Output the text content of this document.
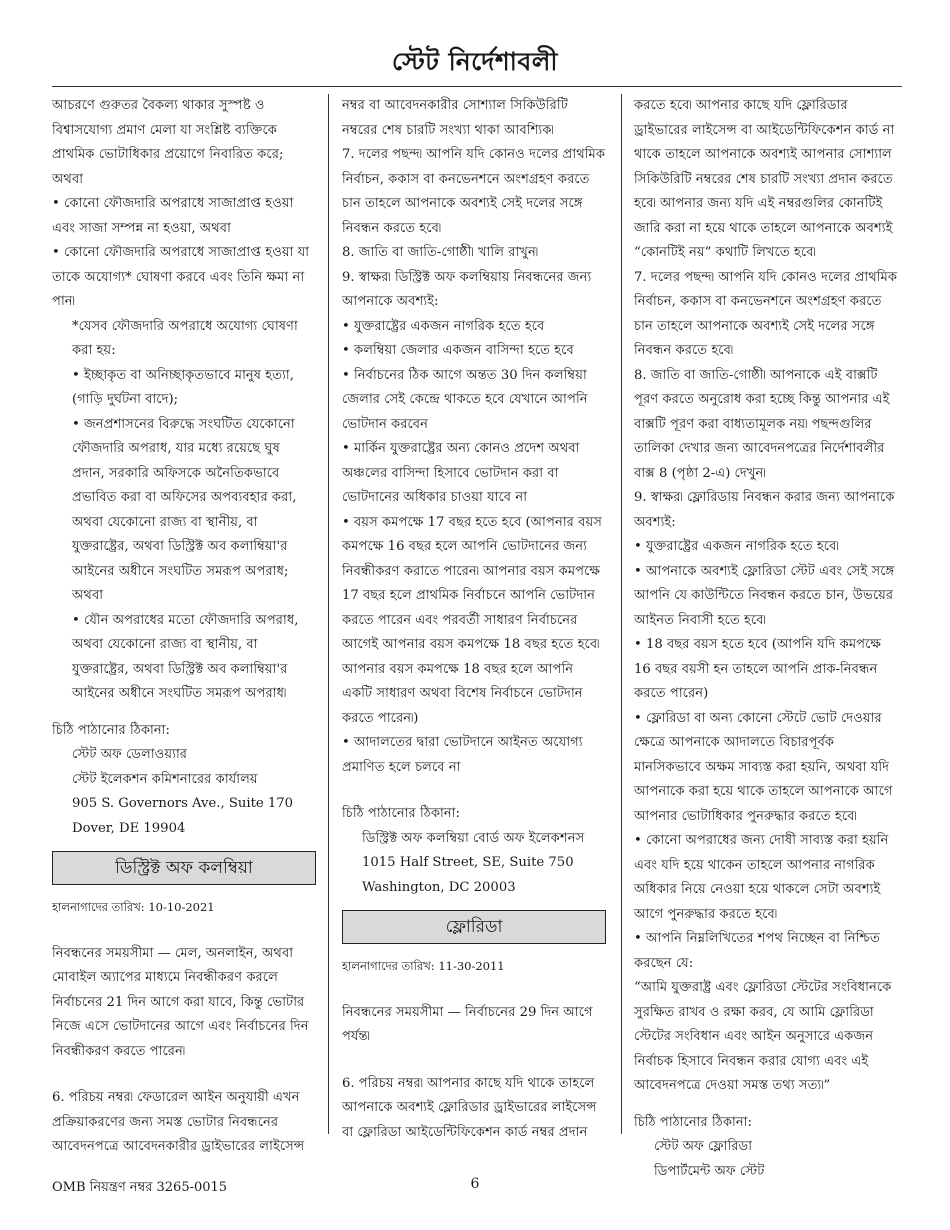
স্টেট নির্দেশাবলী

আচরণে গুরুতর বৈকল্য থাকার সুস্পষ্ট ও বিশ্বাসযোগ্য প্রমাণ মেলা যা সংশ্লিষ্ট ব্যক্তিকে প্রাথমিক ভোটাধিকার প্রয়োগে নিবারিত করে; অথবা

• কোনো ফৌজদারি অপরাধে সাজাপ্রাপ্ত হওয়া এবং সাজা সম্পন্ন না হওয়া, অথবা

• কোনো ফৌজদারি অপরাধে সাজাপ্রাপ্ত হওয়া যা তাকে অযোগ্য* ঘোষণা করবে এবং তিনি ক্ষমা না পান৷

*যেসব ফৌজদারি অপরাধে অযোগ্য ঘোষণা করা হয়:

• ইচ্ছাকৃত বা অনিচ্ছাকৃতভাবে মানুষ হত্যা, (গাড়ি দুর্ঘটনা বাদে);

• জনপ্রশাসনের বিরুদ্ধে সংঘটিত যেকোনো ফৌজদারি অপরাধ, যার মধ্যে রয়েছে ঘুষ প্রদান, সরকারি অফিসকে অনৈতিকভাবে প্রভাবিত করা বা অফিসের অপব্যবহার করা, অথবা যেকোনো রাজ্য বা স্থানীয়, বা যুক্তরাষ্ট্রের, অথবা ডিস্ট্রিক্ট অব কলাম্বিয়া'র আইনের অধীনে সংঘটিত সমরূপ অপরাধ; অথবা

• যৌন অপরাধের মতো ফৌজদারি অপরাধ, অথবা যেকোনো রাজ্য বা স্থানীয়, বা যুক্তরাষ্ট্রের, অথবা ডিস্ট্রিক্ট অব কলাম্বিয়া'র আইনের অধীনে সংঘটিত সমরূপ অপরাধ৷

চিঠি পাঠানোর ঠিকানা:

স্টেট অফ ডেলাওয়্যার

স্টেট ইলেকশন কমিশনারের কার্যালয়

905 S. Governors Ave., Suite 170

Dover, DE 19904

ডিস্ট্রিক্ট অফ কলম্বিয়া

হালনাগাদের তারিখ: 10-10-2021

নিবন্ধনের সময়সীমা — মেল, অনলাইন, অথবা মোবাইল অ্যাপের মাধ্যমে নিবন্ধীকরণ করলে নির্বাচনের 21 দিন আগে করা যাবে, কিন্তু ভোটার নিজে এসে ভোটদানের আগে এবং নির্বাচনের দিন নিবন্ধীকরণ করতে পারেন৷

6. পরিচয় নম্বর৷ ফেডারেল আইন অনুযায়ী এখন প্রক্রিয়াকরণের জন্য সমস্ত ভোটার নিবন্ধনের আবেদনপত্রে আবেদনকারীর ড্রাইভারের লাইসেন্স

নম্বর বা আবেদনকারীর সোশ্যাল সিকিউরিটি নম্বরের শেষ চারটি সংখ্যা থাকা আবশ্যিক৷

7. দলের পছন্দ৷ আপনি যদি কোনও দলের প্রাথমিক নির্বাচন, ককাস বা কনভেনশনে অংশগ্রহণ করতে চান তাহলে আপনাকে অবশ্যই সেই দলের সঙ্গে নিবন্ধন করতে হবে৷

8. জাতি বা জাতি-গোষ্ঠী৷ খালি রাখুন৷

9. স্বাক্ষর৷ ডিস্ট্রিক্ট অফ কলম্বিয়ায় নিবন্ধনের জন্য আপনাকে অবশ্যই:

• যুক্তরাষ্ট্রের একজন নাগরিক হতে হবে

• কলম্বিয়া জেলার একজন বাসিন্দা হতে হবে

• নির্বাচনের ঠিক আগে অন্তত 30 দিন কলম্বিয়া জেলার সেই কেন্দ্রে থাকতে হবে যেখানে আপনি ভোটদান করবেন

• মার্কিন যুক্তরাষ্ট্রের অন্য কোনও প্রদেশ অথবা অঞ্চলের বাসিন্দা হিসাবে ভোটদান করা বা ভোটদানের অধিকার চাওয়া যাবে না

• বয়স কমপক্ষে 17 বছর হতে হবে (আপনার বয়স কমপক্ষে 16 বছর হলে আপনি ভোটদানের জন্য নিবন্ধীকরণ করাতে পারেন৷ আপনার বয়স কমপক্ষে 17 বছর হলে প্রাথমিক নির্বাচনে আপনি ভোটদান করতে পারেন এবং পরবর্তী সাধারণ নির্বাচনের আগেই আপনার বয়স কমপক্ষে 18 বছর হতে হবে৷ আপনার বয়স কমপক্ষে 18 বছর হলে আপনি একটি সাধারণ অথবা বিশেষ নির্বাচনে ভোটদান করতে পারেন৷)

• আদালতের দ্বারা ভোটদানে আইনত অযোগ্য প্রমাণিত হলে চলবে না

চিঠি পাঠানোর ঠিকানা:

ডিস্ট্রিক্ট অফ কলম্বিয়া বোর্ড অফ ইলেকশনস

1015 Half Street, SE, Suite 750

Washington, DC 20003

ফ্লোরিডা

হালনাগাদের তারিখ: 11-30-2011

নিবন্ধনের সময়সীমা — নির্বাচনের 29 দিন আগে পর্যন্ত৷

6. পরিচয় নম্বর৷ আপনার কাছে যদি থাকে তাহলে আপনাকে অবশ্যই ফ্লোরিডার ড্রাইভারের লাইসেন্স বা ফ্লোরিডা আইডেন্টিফিকেশন কার্ড নম্বর প্রদান

করতে হবে৷ আপনার কাছে যদি ফ্লোরিডার ড্রাইভারের লাইসেন্স বা আইডেন্টিফিকেশন কার্ড না থাকে তাহলে আপনাকে অবশ্যই আপনার সোশ্যাল সিকিউরিটি নম্বরের শেষ চারটি সংখ্যা প্রদান করতে হবে৷ আপনার জন্য যদি এই নম্বরগুলির কোনটিই জারি করা না হয়ে থাকে তাহলে আপনাকে অবশ্যই “কোনটিই নয়” কথাটি লিখতে হবে৷

7. দলের পছন্দ৷ আপনি যদি কোনও দলের প্রাথমিক নির্বাচন, ককাস বা কনভেনশনে অংশগ্রহণ করতে চান তাহলে আপনাকে অবশ্যই সেই দলের সঙ্গে নিবন্ধন করতে হবে৷

8. জাতি বা জাতি-গোষ্ঠী৷ আপনাকে এই বাক্সটি পূরণ করতে অনুরোধ করা হচ্ছে কিন্তু আপনার এই বাক্সটি পূরণ করা বাধ্যতামূলক নয়৷ পছন্দগুলির তালিকা দেখার জন্য আবেদনপত্রের নির্দেশাবলীর বাক্স 8 (পৃষ্ঠা 2-এ) দেখুন৷

9. স্বাক্ষর৷ ফ্লোরিডায় নিবন্ধন করার জন্য আপনাকে অবশ্যই:

• যুক্তরাষ্ট্রের একজন নাগরিক হতে হবে৷

• আপনাকে অবশ্যই ফ্লোরিডা স্টেট এবং সেই সঙ্গে আপনি যে কাউন্টিতে নিবন্ধন করতে চান, উভয়ের আইনত নিবাসী হতে হবে৷

• 18 বছর বয়স হতে হবে (আপনি যদি কমপক্ষে 16 বছর বয়সী হন তাহলে আপনি প্রাক-নিবন্ধন করতে পারেন)

• ফ্লোরিডা বা অন্য কোনো স্টেটে ভোট দেওয়ার ক্ষেত্রে আপনাকে আদালতে বিচারপূর্বক মানসিকভাবে অক্ষম সাব্যস্ত করা হয়নি, অথবা যদি আপনাকে করা হয়ে থাকে তাহলে আপনাকে আগে আপনার ভোটাধিকার পুনরুদ্ধার করতে হবে৷

• কোনো অপরাধের জন্য দোষী সাব্যস্ত করা হয়নি এবং যদি হয়ে থাকেন তাহলে আপনার নাগরিক অধিকার নিয়ে নেওয়া হয়ে থাকলে সেটা অবশ্যই আগে পুনরুদ্ধার করতে হবে৷

• আপনি নিম্নলিখিতের শপথ নিচ্ছেন বা নিশ্চিত করছেন যে:

“আমি যুক্তরাষ্ট্র এবং ফ্লোরিডা স্টেটের সংবিধানকে সুরক্ষিত রাখব ও রক্ষা করব, যে আমি ফ্লোরিডা স্টেটের সংবিধান এবং আইন অনুসারে একজন নির্বাচক হিসাবে নিবন্ধন করার যোগ্য এবং এই আবেদনপত্রে দেওয়া সমস্ত তথ্য সত্য৷”

চিঠি পাঠানোর ঠিকানা:

স্টেট অফ ফ্লোরিডা

ডিপার্টমেন্ট অফ স্টেট

OMB নিয়ন্ত্রণ নম্বর 3265-0015	6
